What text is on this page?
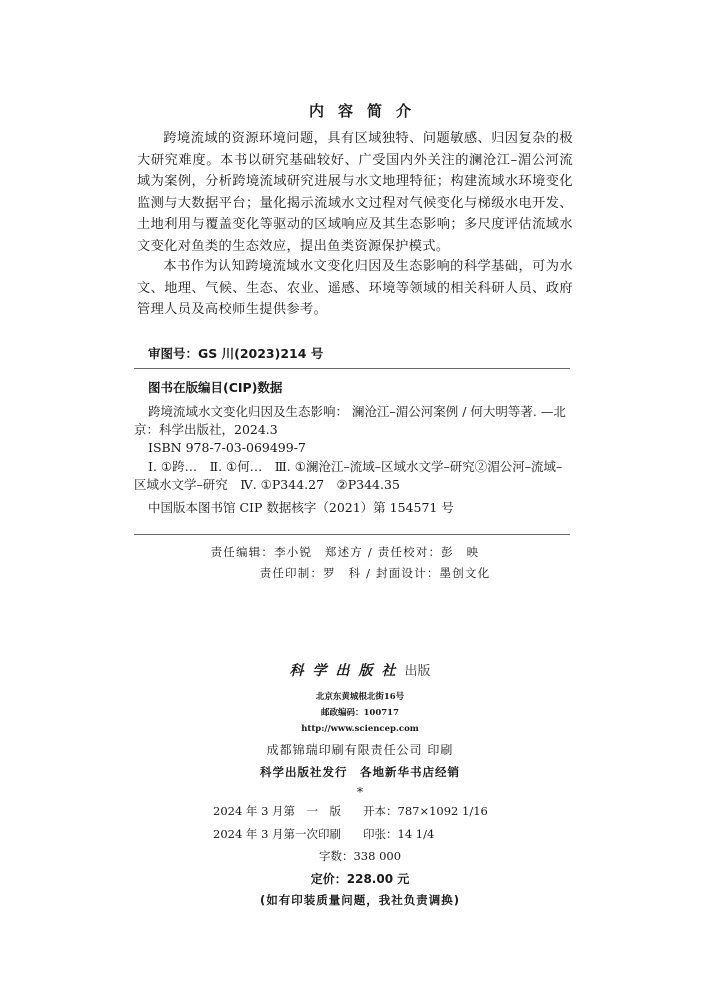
内容简介

跨境流域的资源环境问题，具有区域独特、问题敏感、归因复杂的极大研究难度。本书以研究基础较好、广受国内外关注的澜沧江–湄公河流域为案例，分析跨境流域研究进展与水文地理特征；构建流域水环境变化监测与大数据平台；量化揭示流域水文过程对气候变化与梯级水电开发、土地利用与覆盖变化等驱动的区域响应及其生态影响；多尺度评估流域水文变化对鱼类的生态效应，提出鱼类资源保护模式。

本书作为认知跨境流域水文变化归因及生态影响的科学基础，可为水文、地理、气候、生态、农业、遥感、环境等领域的相关科研人员、政府管理人员及高校师生提供参考。

审图号：GS 川(2023)214 号
图书在版编目(CIP)数据

跨境流域水文变化归因及生态影响： 澜沧江–湄公河案例 / 何大明等著. —北京：科学出版社，2024.3

ISBN 978-7-03-069499-7

Ⅰ. ①跨…　Ⅱ. ①何…　Ⅲ. ①澜沧江–流域–区域水文学–研究②湄公河–流域–区域水文学–研究　Ⅳ. ①P344.27　②P344.35

中国版本图书馆 CIP 数据核字（2021）第 154571 号
责任编辑：李小锐　郑述方 / 责任校对：彭　映
责任印制：罗　科 / 封面设计：墨创文化
科学出版社出版
北京东黄城根北街16号
邮政编码：100717
http://www.sciencep.com
成都锦瑞印刷有限责任公司 印刷
科学出版社发行　各地新华书店经销
*
2024 年 3 月第　一　版 开本：787×1092 1/16
2024 年 3 月第一次印刷 印张：14 1/4
字数：338 000
定价：228.00 元
(如有印装质量问题，我社负责调换)
